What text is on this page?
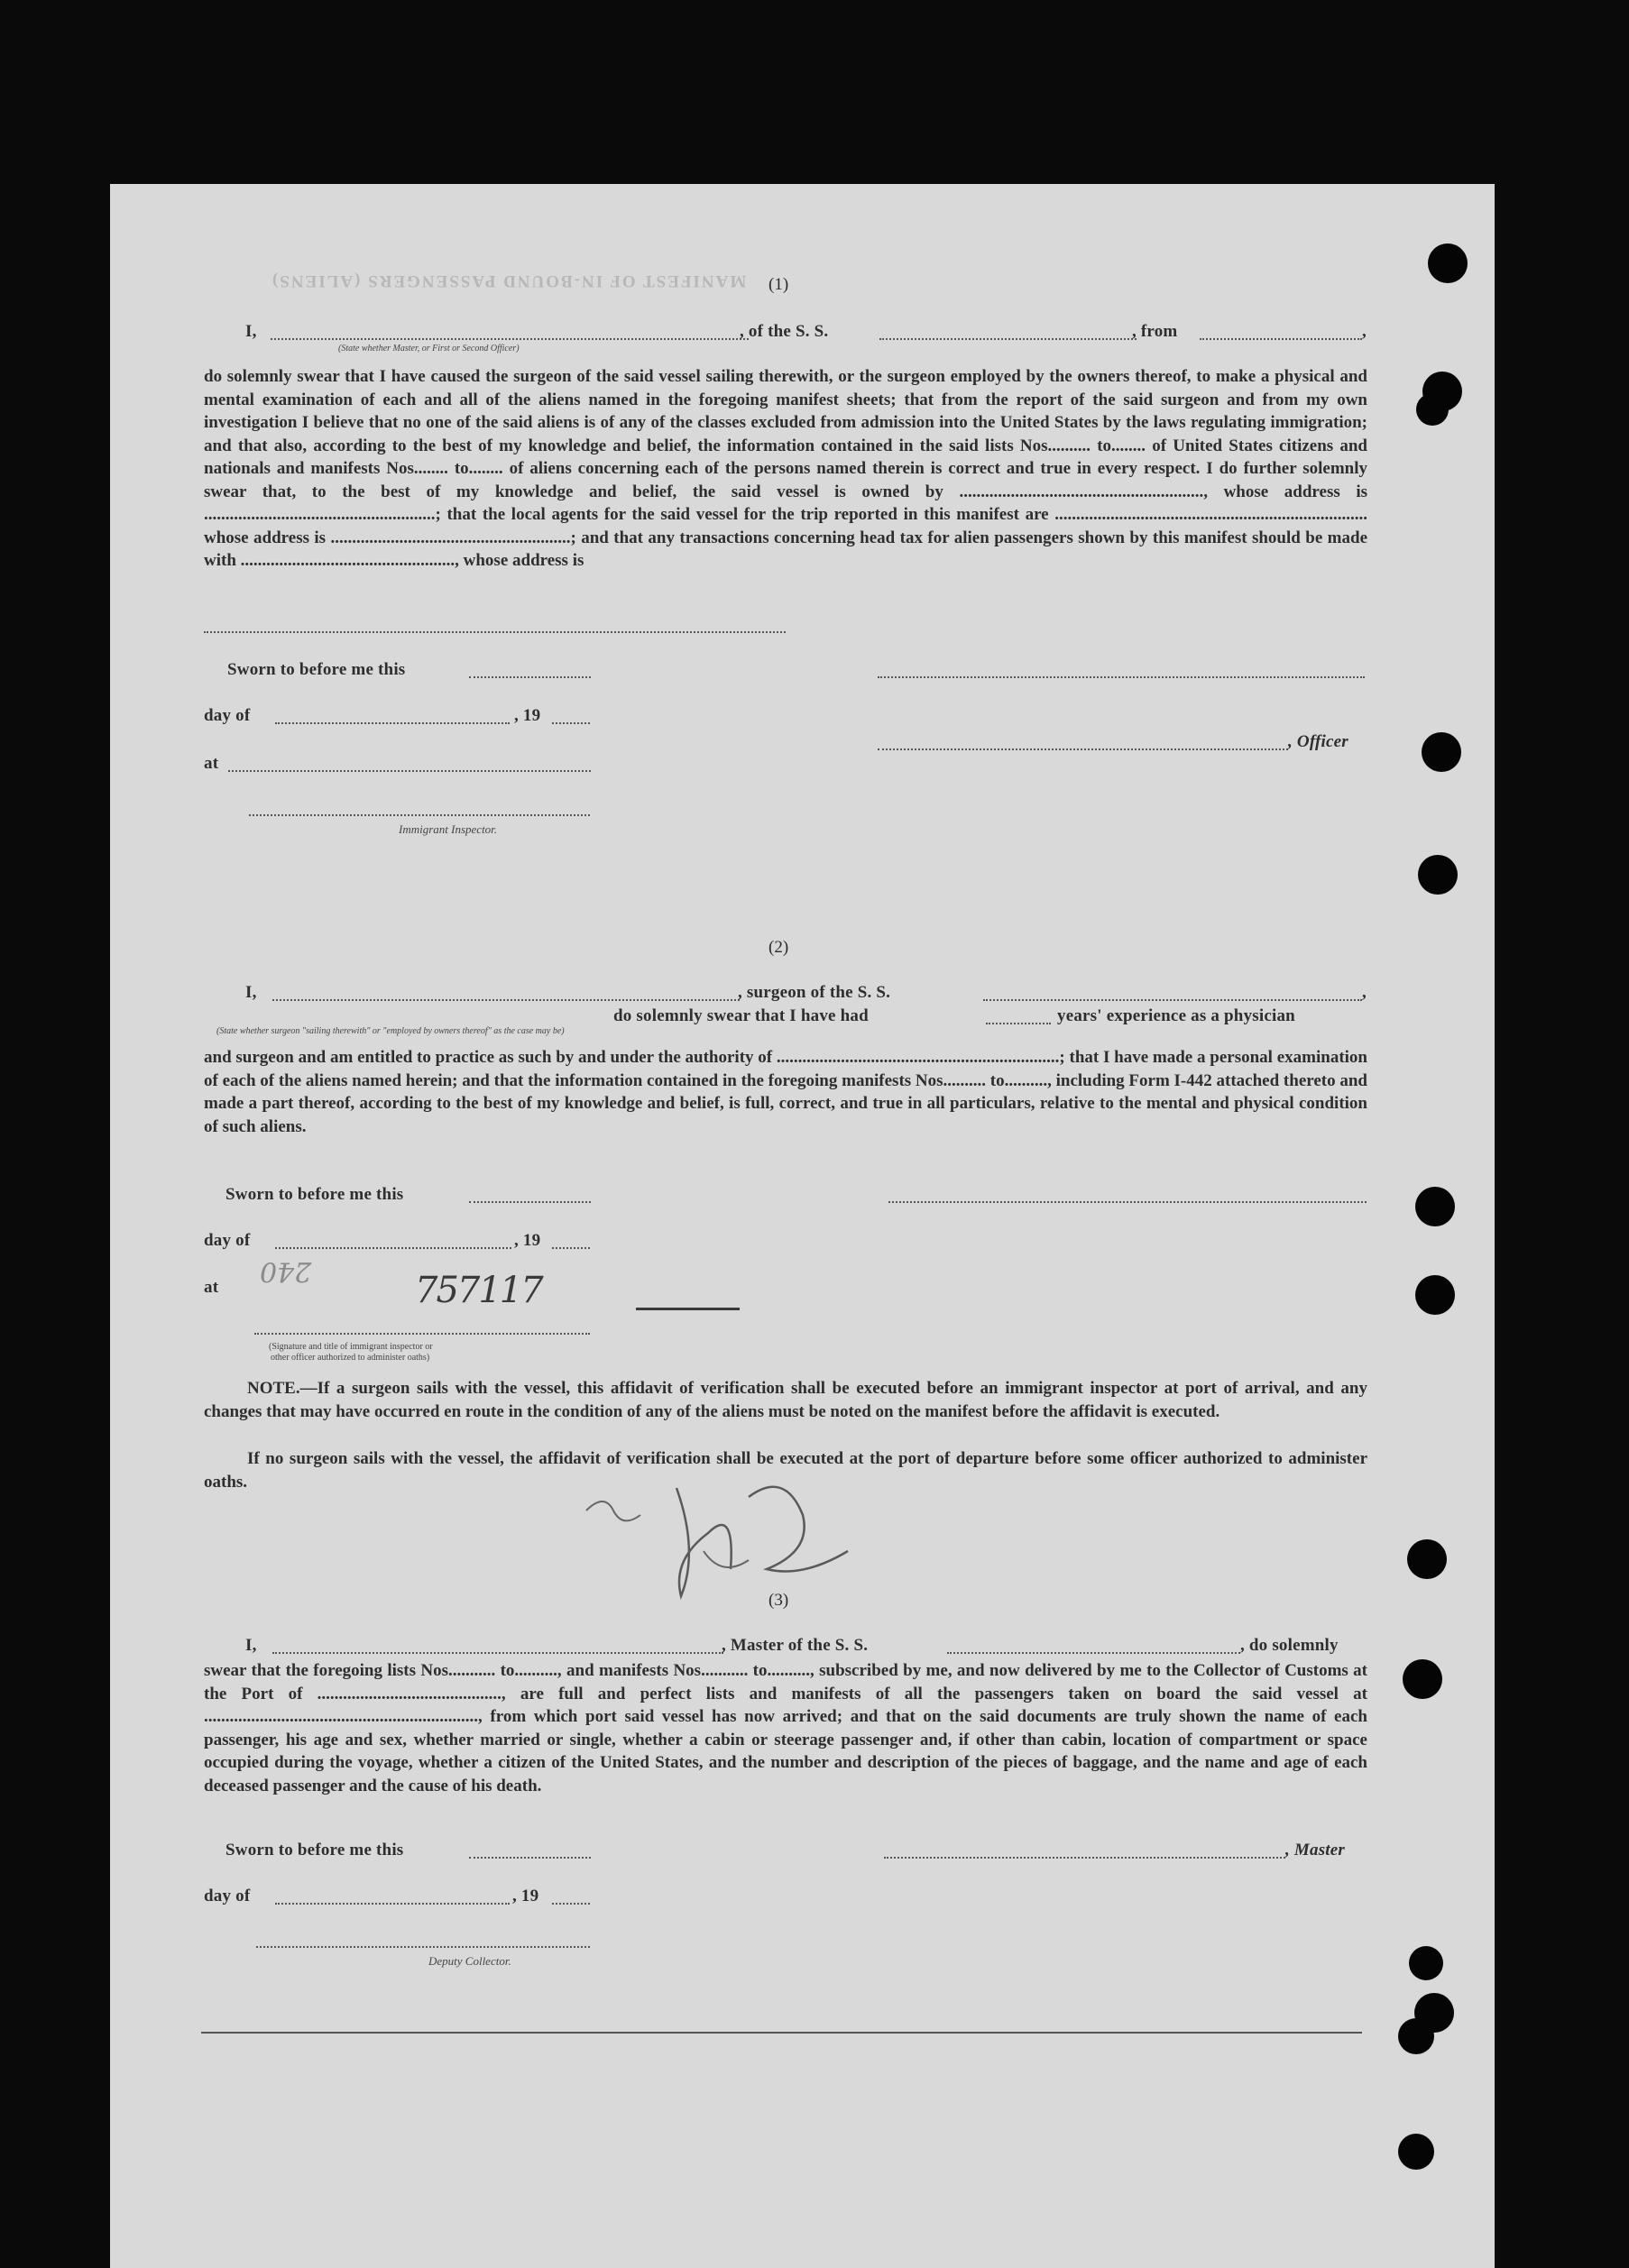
MANIFEST OF IN-BOUND PASSENGERS (ALIENS) (1)
I,	, of the S. S.	, from	,
(State whether Master, or First or Second Officer)
do solemnly swear that I have caused the surgeon of the said vessel sailing therewith, or the surgeon employed by the owners thereof, to make a physical and mental examination of each and all of the aliens named in the foregoing manifest sheets; that from the report of the said surgeon and from my own investigation I believe that no one of the said aliens is of any of the classes excluded from admission into the United States by the laws regulating immigration; and that also, according to the best of my knowledge and belief, the information contained in the said lists Nos.......... to........ of United States citizens and nationals and manifests Nos........ to........ of aliens concerning each of the persons named therein is correct and true in every respect. I do further solemnly swear that, to the best of my knowledge and belief, the said vessel is owned by ........................................................., whose address is ......................................................; that the local agents for the said vessel for the trip reported in this manifest are ......................................................................... whose address is ........................................................; and that any transactions concerning head tax for alien passengers shown by this manifest should be made with .................................................., whose address is
Sworn to before me this
day of	, 19
, Officer
at
Immigrant Inspector.
(2)
I,	, surgeon of the S. S.	,
do solemnly swear that I have had	years' experience as a physician
(State whether surgeon "sailing therewith" or "employed by owners thereof" as the case may be)
and surgeon and am entitled to practice as such by and under the authority of ..................................................................; that I have made a personal examination of each of the aliens named herein; and that the information contained in the foregoing manifests Nos.......... to.........., including Form I-442 attached thereto and made a part thereof, according to the best of my knowledge and belief, is full, correct, and true in all particulars, relative to the mental and physical condition of such aliens.
Sworn to before me this
day of	, 19
at
240	757117
(Signature and title of immigrant inspector or
other officer authorized to administer oaths)
NOTE.—If a surgeon sails with the vessel, this affidavit of verification shall be executed before an immigrant inspector at port of arrival, and any changes that may have occurred en route in the condition of any of the aliens must be noted on the manifest before the affidavit is executed.
If no surgeon sails with the vessel, the affidavit of verification shall be executed at the port of departure before some officer authorized to administer oaths.
(3)
I,	, Master of the S. S.	, do solemnly
swear that the foregoing lists Nos........... to.........., and manifests Nos........... to.........., subscribed by me, and now delivered by me to the Collector of Customs at the Port of ..........................................., are full and perfect lists and manifests of all the passengers taken on board the said vessel at ................................................................, from which port said vessel has now arrived; and that on the said documents are truly shown the name of each passenger, his age and sex, whether married or single, whether a cabin or steerage passenger and, if other than cabin, location of compartment or space occupied during the voyage, whether a citizen of the United States, and the number and description of the pieces of baggage, and the name and age of each deceased passenger and the cause of his death.
Sworn to before me this	, Master
day of	, 19
Deputy Collector.
